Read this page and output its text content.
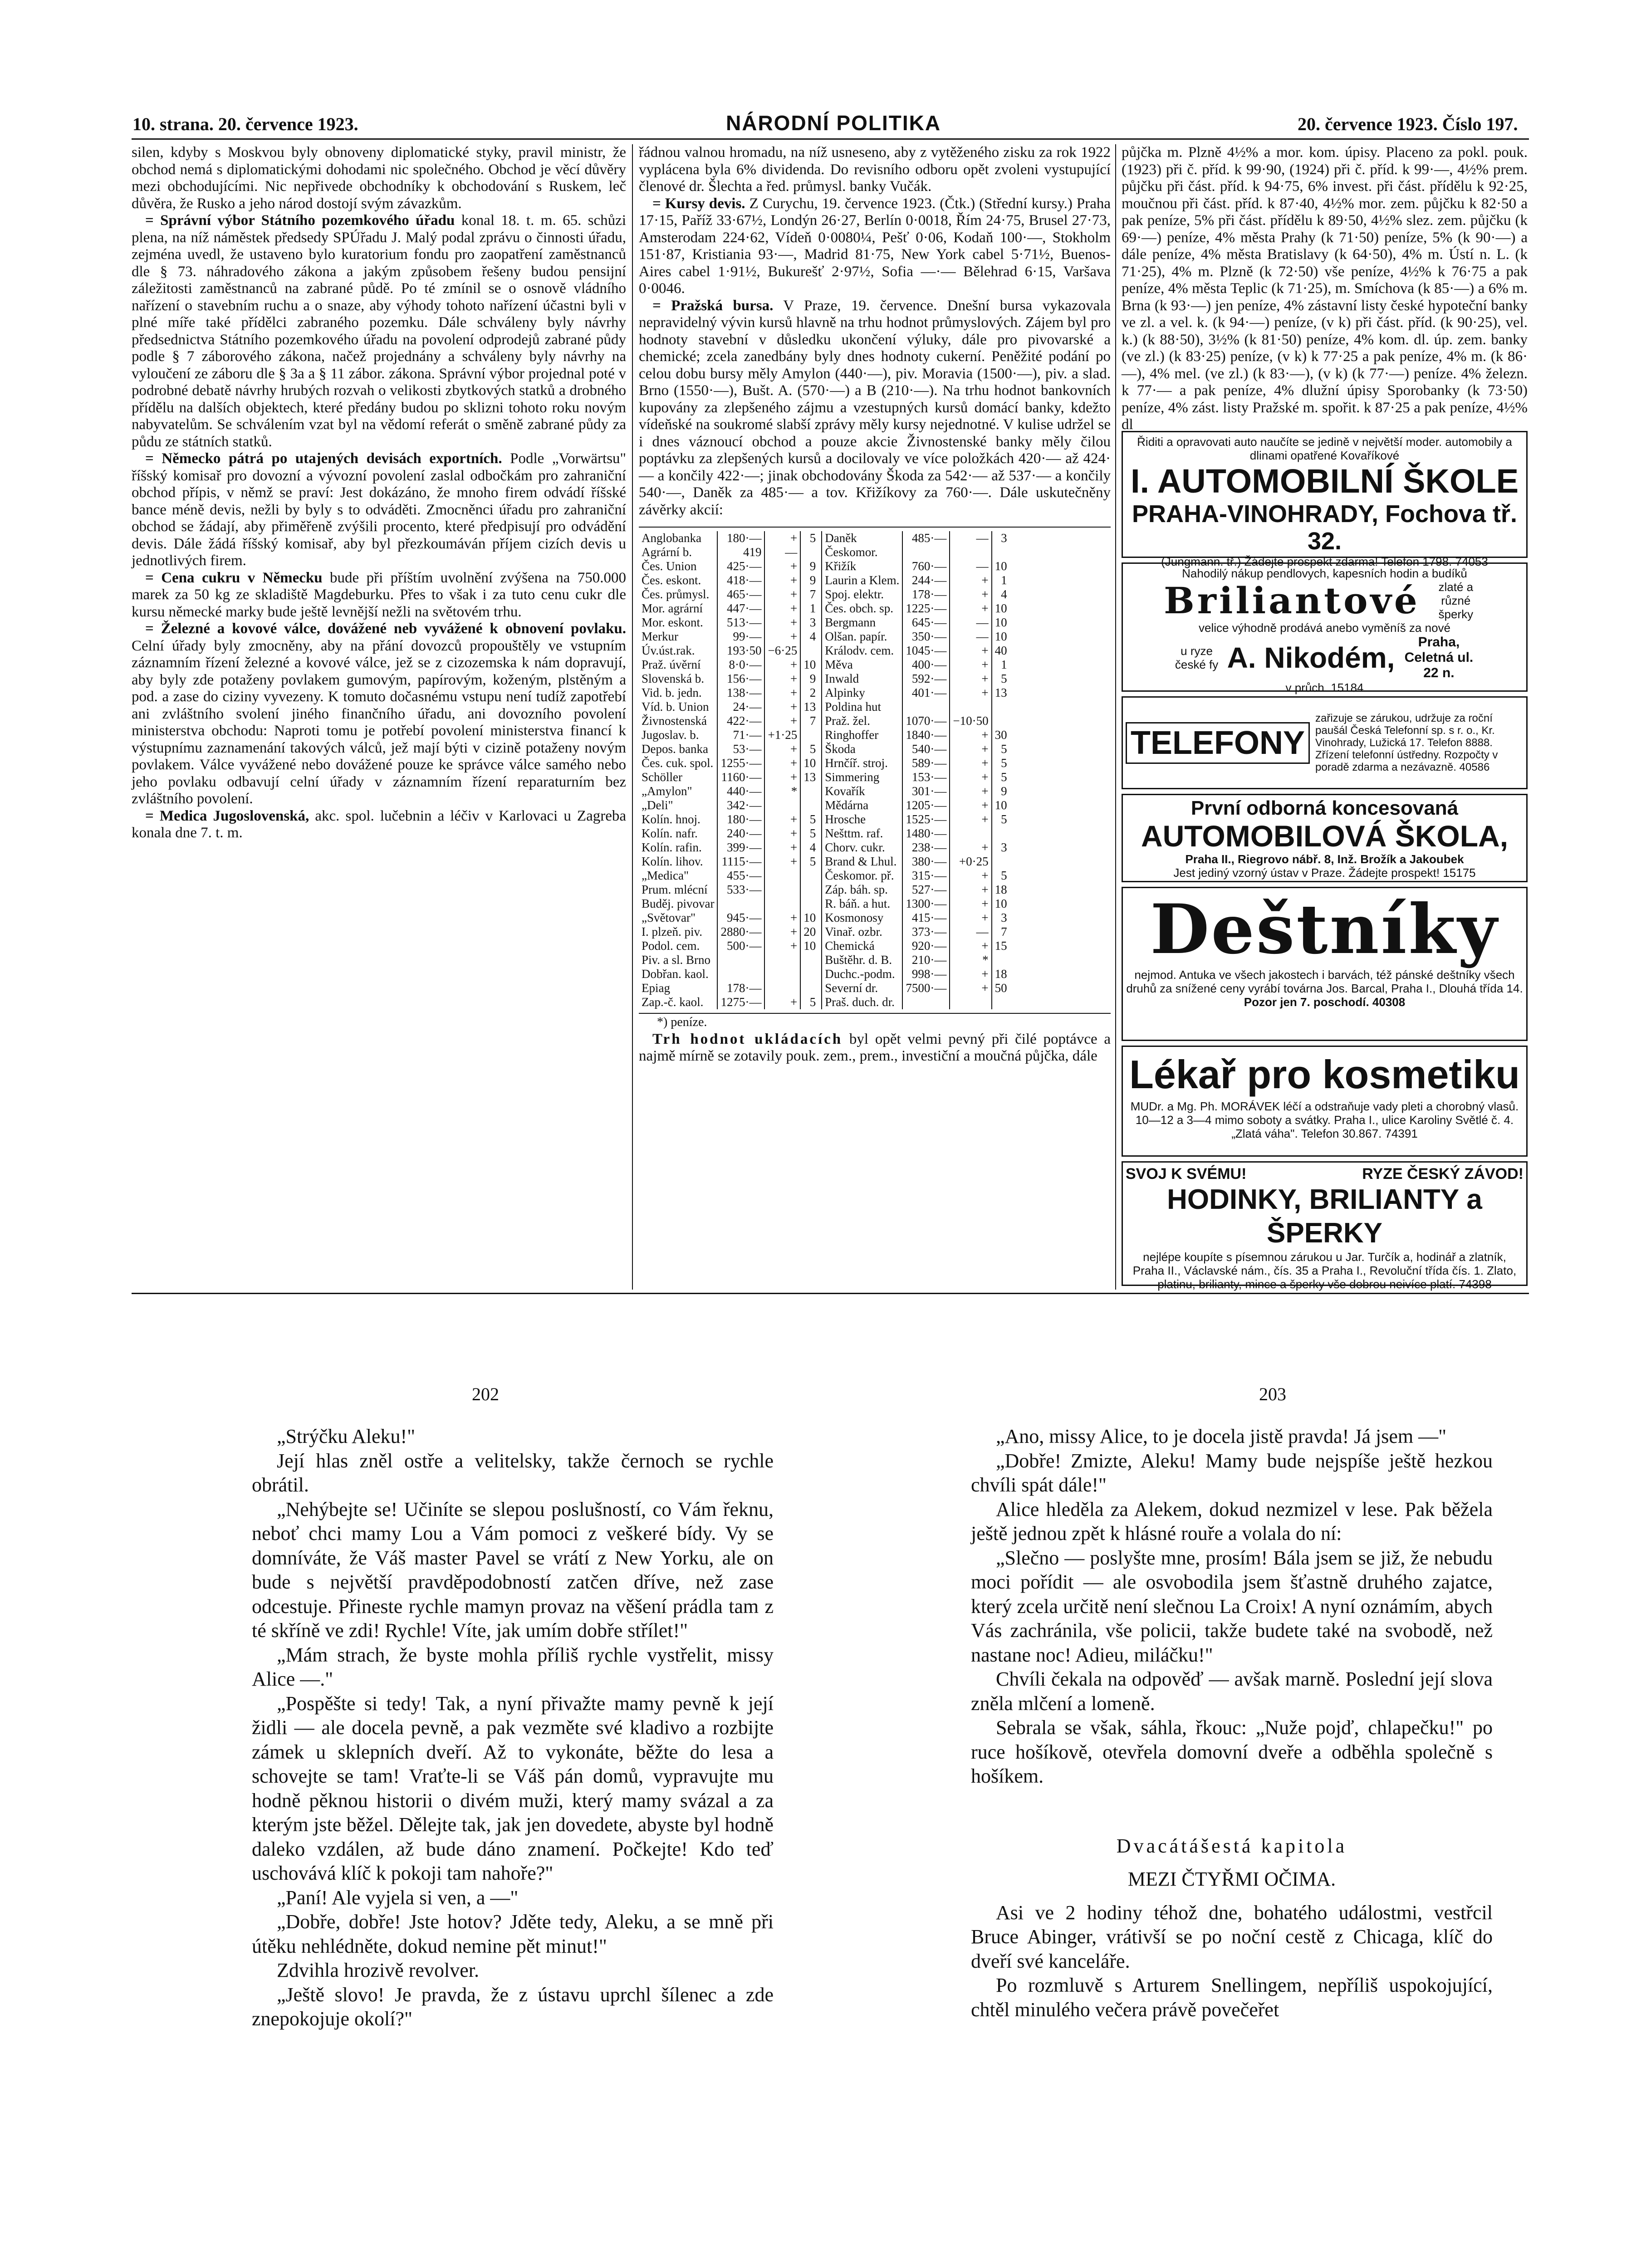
10. strana. 20. července 1923.	NÁRODNÍ POLITIKA	20. července 1923. Číslo 197.

silen, kdyby s Moskvou byly obnoveny diplomatické styky, pravil ministr, že obchod nemá s diplomatickými dohodami nic společného. Obchod je věcí důvěry mezi obchodujícími. Nic nepřivede obchodníky k obchodování s Ruskem, leč důvěra, že Rusko a jeho národ dostojí svým závazkům.

= Správní výbor Státního pozemkového úřadu konal 18. t. m. 65. schůzi plena, na níž náměstek předsedy SPÚřadu J. Malý podal zprávu o činnosti úřadu, zejména uvedl, že ustaveno bylo kuratorium fondu pro zaopatření zaměstnanců dle § 73. náhradového zákona a jakým způsobem řešeny budou pensijní záležitosti zaměstnanců na zabrané půdě. Po té zmínil se o osnově vládního nařízení o stavebním ruchu a o snaze, aby výhody tohoto nařízení účastni byli v plné míře také přídělci zabraného pozemku. Dále schváleny byly návrhy předsednictva Státního pozemkového úřadu na povolení odprodejů zabrané půdy podle § 7 záborového zákona, načež projednány a schváleny byly návrhy na vyloučení ze záboru dle § 3a a § 11 zábor. zákona. Správní výbor projednal poté v podrobné debatě návrhy hrubých rozvah o velikosti zbytkových statků a drobného přídělu na dalších objektech, které předány budou po sklizni tohoto roku novým nabyvatelům. Se schválením vzat byl na vědomí referát o směně zabrané půdy za půdu ze státních statků.

= Německo pátrá po utajených devisách exportních. Podle „Vorwärtsu" říšský komisař pro dovozní a vývozní povolení zaslal odbočkám pro zahraniční obchod přípis, v němž se praví: Jest dokázáno, že mnoho firem odvádí říšské bance méně devis, nežli by byly s to odváděti. Zmocněnci úřadu pro zahraniční obchod se žádají, aby přiměřeně zvýšili procento, které předpisují pro odvádění devis. Dále žádá říšský komisař, aby byl přezkoumáván příjem cizích devis u jednotlivých firem.

= Cena cukru v Německu bude při příštím uvolnění zvýšena na 750.000 marek za 50 kg ze skladiště Magdeburku. Přes to však i za tuto cenu cukr dle kursu německé marky bude ještě levnější nežli na světovém trhu.

= Železné a kovové válce, dovážené neb vyvážené k obnovení povlaku. Celní úřady byly zmocněny, aby na přání dovozců propouštěly ve vstupním záznamním řízení železné a kovové válce, jež se z cizozemska k nám dopravují, aby byly zde potaženy povlakem gumovým, papírovým, koženým, plstěným a pod. a zase do ciziny vyvezeny. K tomuto dočasnému vstupu není tudíž zapotřebí ani zvláštního svolení jiného finančního úřadu, ani dovozního povolení ministerstva obchodu: Naproti tomu je potřebí povolení ministerstva financí k výstupnímu zaznamenání takových válců, jež mají býti v cizině potaženy novým povlakem. Válce vyvážené nebo dovážené pouze ke správce válce samého nebo jeho povlaku odbavují celní úřady v záznamním řízení reparaturním bez zvláštního povolení.

= Medica Jugoslovenská, akc. spol. lučebnin a léčiv v Karlovaci u Zagreba konala dne 7. t. m.

řádnou valnou hromadu, na níž usneseno, aby z vytěženého zisku za rok 1922 vyplácena byla 6% dividenda. Do revisního odboru opět zvoleni vystupující členové dr. Šlechta a řed. průmysl. banky Vučák.

= Kursy devis. Z Curychu, 19. července 1923. (Čtk.) (Střední kursy.) Praha 17·15, Paříž 33·67½, Londýn 26·27, Berlín 0·0018, Řím 24·75, Brusel 27·73, Amsterodam 224·62, Vídeň 0·0080¼, Pešť 0·06, Kodaň 100·—, Stokholm 151·87, Kristiania 93·—, Madrid 81·75, New York cabel 5·71½, Buenos-Aires cabel 1·91½, Bukurešť 2·97½, Sofia —·— Bělehrad 6·15, Varšava 0·0046.

= Pražská bursa. V Praze, 19. července. Dnešní bursa vykazovala nepravidelný vývin kursů hlavně na trhu hodnot průmyslových. Zájem byl pro hodnoty stavební v důsledku ukončení výluky, dále pro pivovarské a chemické; zcela zanedbány byly dnes hodnoty cukerní. Peněžité podání po celou dobu bursy měly Amylon (440·—), piv. Moravia (1500·—), piv. a slad. Brno (1550·—), Bušt. A. (570·—) a B (210·—). Na trhu hodnot bankovních kupovány za zlepšeného zájmu a vzestupných kursů domácí banky, kdežto vídeňské na soukromé slabší zprávy měly kursy nejednotné. V kulise udržel se i dnes váznoucí obchod a pouze akcie Živnostenské banky měly čilou poptávku za zlepšených kursů a docilovaly ve více položkách 420·— až 424·— a končily 422·—; jinak obchodovány Škoda za 542·— až 537·— a končily 540·—, Daněk za 485·— a tov. Křižíkovy za 760·—. Dále uskutečněny závěrky akcií:

Anglobanka	180·—	+	5
Agrární b.	419	—	
Čes. Union	425·—	+	9
Čes. eskont.	418·—	+	9
Čes. průmysl.	465·—	+	7
Mor. agrární	447·—	+	1
Mor. eskont.	513·—	+	3
Merkur	99·—	+	4
Úv.úst.rak.	193·50	−6·25	
Praž. úvěrní	8·0·—	+	10
Slovenská b.	156·—	+	9
Vid. b. jedn.	138·—	+	2
Víd. b. Union	24·—	+	13
Živnostenská	422·—	+	7
Jugoslav. b.	71·—	+1·25	
Depos. banka	53·—	+	5
Čes. cuk. spol.	1255·—	+	10
Schöller	1160·—	+	13
„Amylon"	440·—	*	
„Deli"	342·—		
Kolín. hnoj.	180·—	+	5
Kolín. nafr.	240·—	+	5
Kolín. rafin.	399·—	+	4
Kolín. lihov.	1115·—	+	5
„Medica"	455·—		
Prum. mlécní	533·—		
Buděj. pivovar			
„Světovar"	945·—	+	10
I. plzeň. piv.	2880·—	+	20
Podol. cem.	500·—	+	10
Piv. a sl. Brno			
Dobřan. kaol.			
Epiag	178·—		
Zap.-č. kaol.	1275·—	+	5
Daněk	485·—	—	3
Českomor.			
Křižík	760·—	—	10
Laurin a Klem.	244·—	+	1
Spoj. elektr.	178·—	+	4
Čes. obch. sp.	1225·—	+	10
Bergmann	645·—	—	10
Olšan. papír.	350·—	—	10
Králodv. cem.	1045·—	+	40
Měva	400·—	+	1
Inwald	592·—	+	5
Alpinky	401·—	+	13
Poldina hut			
Praž. žel.	1070·—	−10·50	
Ringhoffer	1840·—	+	30
Škoda	540·—	+	5
Hrnčíř. stroj.	589·—	+	5
Simmering	153·—	+	5
Kovařík	301·—	+	9
Mědárna	1205·—	+	10
Hrosche	1525·—	+	5
Nešttm. raf.	1480·—		
Chorv. cukr.	238·—	+	3
Brand & Lhul.	380·—	+0·25	
Českomor. př.	315·—	+	5
Záp. báh. sp.	527·—	+	18
R. báň. a hut.	1300·—	+	10
Kosmonosy	415·—	+	3
Vinař. ozbr.	373·—	—	7
Chemická	920·—	+	15
Buštěhr. d. B.	210·—	*	
Duchc.-podm.	998·—	+	18
Severní dr.	7500·—	+	50
Praš. duch. dr.			

*) peníze.

Trh hodnot ukládacích byl opět velmi pevný při čilé poptávce a najmě mírně se zotavily pouk. zem., prem., investiční a moučná půjčka, dále

půjčka m. Plzně 4½% a mor. kom. úpisy. Placeno za pokl. pouk. (1923) při č. příd. k 99·90, (1924) při č. příd. k 99·—, 4½% prem. půjčku při část. příd. k 94·75, 6% invest. při část. přídělu k 92·25, moučnou při část. příd. k 87·40, 4½% mor. zem. půjčku k 82·50 a pak peníze, 5% při část. přídělu k 89·50, 4½% slez. zem. půjčku (k 69·—) peníze, 4% města Prahy (k 71·50) peníze, 5% (k 90·—) a dále peníze, 4% města Bratislavy (k 64·50), 4% m. Ústí n. L. (k 71·25), 4% m. Plzně (k 72·50) vše peníze, 4½% k 76·75 a pak peníze, 4% města Teplic (k 71·25), m. Smíchova (k 85·—) a 6% m. Brna (k 93·—) jen peníze, 4% zástavní listy české hypoteční banky ve zl. a vel. k. (k 94·—) peníze, (v k) při část. příd. (k 90·25), vel. k.) (k 88·50), 3½% (k 81·50) peníze, 4% kom. dl. úp. zem. banky (ve zl.) (k 83·25) peníze, (v k) k 77·25 a pak peníze, 4% m. (k 86·—), 4% mel. (ve zl.) (k 83·—), (v k) (k 77·—) peníze. 4% železn. k 77·— a pak peníze, 4% dlužní úpisy Sporobanky (k 73·50) peníze, 4% zást. listy Pražské m. spořit. k 87·25 a pak peníze, 4½% dl

Řiditi a opravovati auto naučíte se jedině v největší moder. automobily a dlinami opatřené Kovaříkové
I. AUTOMOBILNÍ ŠKOLE
PRAHA-VINOHRADY, Fochova tř. 32.
(Jungmann. tř.) Žádejte prospekt zdarma! Telefon 1798. 74053
Nahodilý nákup pendlovych, kapesních hodin a budíků
Briliantové	zlaté a různé šperky
velice výhodně prodává anebo vyměníš za nové
u ryze české fy A. Nikodém,	Praha, Celetná ul. 22 n.
v průch. 15184
TELEFONY
zařizuje se zárukou, udržuje za roční paušál Česká Telefonní sp. s r. o., Kr. Vinohrady, Lužická 17. Telefon 8888. Zřízení telefonní ústředny. Rozpočty v poradě zdarma a nezávazně. 40586
První odborná koncesovaná
AUTOMOBILOVÁ ŠKOLA,
Praha II., Riegrovo nábř. 8, Inž. Brožík a Jakoubek
Jest jediný vzorný ústav v Praze. Žádejte prospekt! 15175
Deštníky
nejmod. Antuka ve všech jakostech i barvách, též pánské deštníky všech druhů za snížené ceny vyrábí továrna Jos. Barcal, Praha I., Dlouhá třída 14.
Pozor jen 7. poschodí. 40308
Lékař pro kosmetiku
MUDr. a Mg. Ph. MORÁVEK léčí a odstraňuje vady pleti a chorobný vlasů. 10—12 a 3—4 mimo soboty a svátky. Praha I., ulice Karoliny Světlé č. 4. „Zlatá váha". Telefon 30.867. 74391
SVOJ K SVÉMU!	RYZE ČESKÝ ZÁVOD!
HODINKY, BRILIANTY a ŠPERKY
nejlépe koupíte s písemnou zárukou u Jar. Turčík a, hodinář a zlatník, Praha II., Václavské nám., čís. 35 a Praha I., Revoluční třída čís. 1. Zlato, platinu, brilianty, mince a šperky vše dobrou neivíce platí. 74398
202

„Strýčku Aleku!"

Její hlas zněl ostře a velitelsky, takže černoch se rychle obrátil.

„Nehýbejte se! Učiníte se slepou poslušností, co Vám řeknu, neboť chci mamy Lou a Vám pomoci z veškeré bídy. Vy se domníváte, že Váš master Pavel se vrátí z New Yorku, ale on bude s největší pravděpodobností zatčen dříve, než zase odcestuje. Přineste rychle mamyn provaz na věšení prádla tam z té skříně ve zdi! Rychle! Víte, jak umím dobře střílet!"

„Mám strach, že byste mohla příliš rychle vystřelit, missy Alice —."

„Pospěšte si tedy! Tak, a nyní přivažte mamy pevně k její židli — ale docela pevně, a pak vezměte své kladivo a rozbijte zámek u sklepních dveří. Až to vykonáte, běžte do lesa a schovejte se tam! Vraťte-li se Váš pán domů, vypravujte mu hodně pěknou historii o divém muži, který mamy svázal a za kterým jste běžel. Dělejte tak, jak jen dovedete, abyste byl hodně daleko vzdálen, až bude dáno znamení. Počkejte! Kdo teď uschovává klíč k pokoji tam nahoře?"

„Paní! Ale vyjela si ven, a —"

„Dobře, dobře! Jste hotov? Jděte tedy, Aleku, a se mně při útěku nehlédněte, dokud nemine pět minut!"

Zdvihla hrozivě revolver.

„Ještě slovo! Je pravda, že z ústavu uprchl šílenec a zde znepokojuje okolí?"

203

„Ano, missy Alice, to je docela jistě pravda! Já jsem —"

„Dobře! Zmizte, Aleku! Mamy bude nejspíše ještě hezkou chvíli spát dále!"

Alice hleděla za Alekem, dokud nezmizel v lese. Pak běžela ještě jednou zpět k hlásné rouře a volala do ní:

„Slečno — poslyšte mne, prosím! Bála jsem se již, že nebudu moci pořídit — ale osvobodila jsem šťastně druhého zajatce, který zcela určitě není slečnou La Croix! A nyní oznámím, abych Vás zachránila, vše policii, takže budete také na svobodě, než nastane noc! Adieu, miláčku!"

Chvíli čekala na odpověď — avšak marně. Poslední její slova zněla mlčení a lomeně.

Sebrala se však, sáhla, řkouc: „Nuže pojď, chlapečku!" po ruce hošíkově, otevřela domovní dveře a odběhla společně s hošíkem.

Dvacátášestá kapitola
MEZI ČTYŘMI OČIMA.

Asi ve 2 hodiny téhož dne, bohatého událostmi, vestřcil Bruce Abinger, vrátivší se po noční cestě z Chicaga, klíč do dveří své kanceláře.

Po rozmluvě s Arturem Snellingem, nepříliš uspokojující, chtěl minulého večera právě povečeřet
